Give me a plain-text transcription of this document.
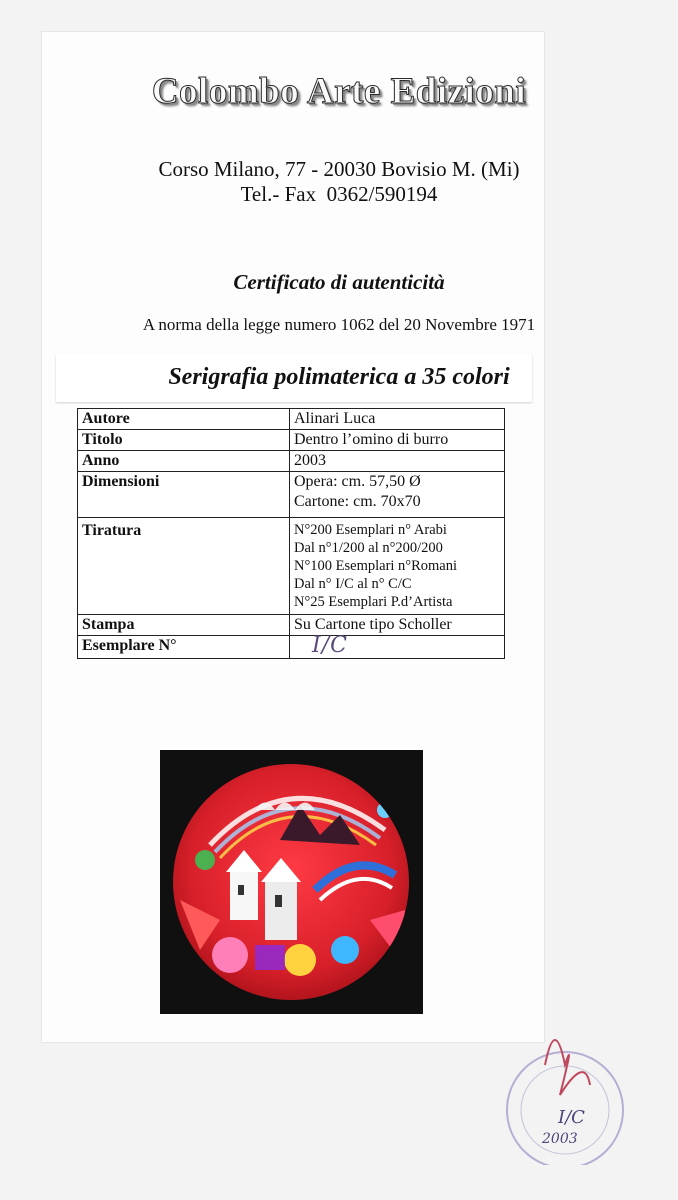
Colombo Arte Edizioni
Corso Milano, 77 - 20030 Bovisio M. (Mi)
Tel.- Fax  0362/590194
Certificato di autenticità
A norma della legge numero 1062 del 20 Novembre 1971
Serigrafia polimaterica a 35 colori
Autore	Alinari Luca
Titolo	Dentro l’omino di burro
Anno	2003
Dimensioni	Opera: cm. 57,50 Ø
Cartone: cm. 70x70

Tiratura	N°200 Esemplari n° Arabi
Dal n°1/200 al n°200/200
N°100 Esemplari n°Romani
Dal n° I/C al n° C/C
N°25 Esemplari P.d’Artista

Stampa	Su Cartone tipo Scholler
Esemplare N°	I/C
I/C
2003
